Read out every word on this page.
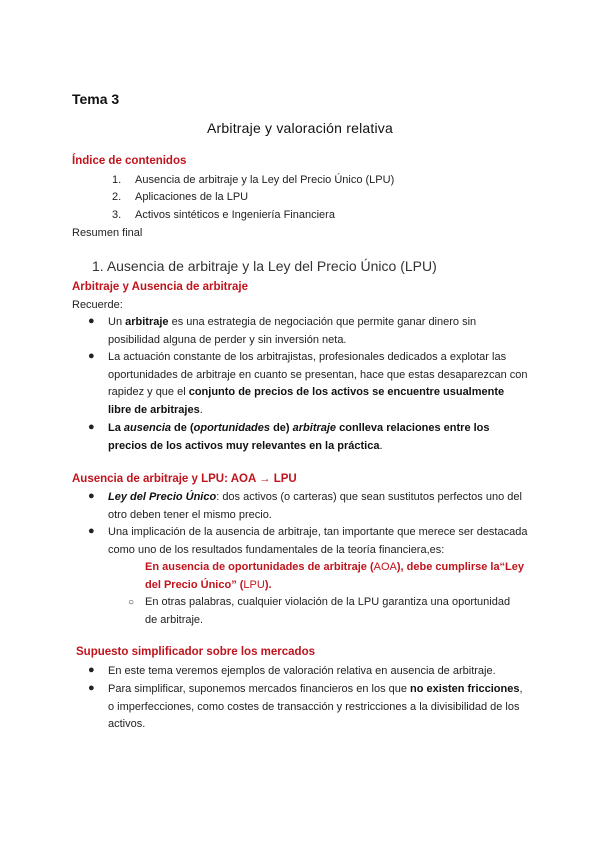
Tema 3
Arbitraje y valoración relativa
Índice de contenidos
1. Ausencia de arbitraje y la Ley del Precio Único (LPU)
2. Aplicaciones de la LPU
3. Activos sintéticos e Ingeniería Financiera
Resumen final
1. Ausencia de arbitraje y la Ley del Precio Único (LPU)
Arbitraje y Ausencia de arbitraje
Recuerde:
● Un arbitraje es una estrategia de negociación que permite ganar dinero sin posibilidad alguna de perder y sin inversión neta.
● La actuación constante de los arbitrajistas, profesionales dedicados a explotar las oportunidades de arbitraje en cuanto se presentan, hace que estas desaparezcan con rapidez y que el conjunto de precios de los activos se encuentre usualmente libre de arbitrajes.
● La ausencia de (oportunidades de) arbitraje conlleva relaciones entre los precios de los activos muy relevantes en la práctica.
Ausencia de arbitraje y LPU: AOA → LPU
● Ley del Precio Único: dos activos (o carteras) que sean sustitutos perfectos uno del otro deben tener el mismo precio.
● Una implicación de la ausencia de arbitraje, tan importante que merece ser destacada como uno de los resultados fundamentales de la teoría financiera,es:
En ausencia de oportunidades de arbitraje (AOA), debe cumplirse la“Ley del Precio Único” (LPU).
○ En otras palabras, cualquier violación de la LPU garantiza una oportunidad de arbitraje.
Supuesto simplificador sobre los mercados
● En este tema veremos ejemplos de valoración relativa en ausencia de arbitraje.
● Para simplificar, suponemos mercados financieros en los que no existen fricciones, o imperfecciones, como costes de transacción y restricciones a la divisibilidad de los activos.
